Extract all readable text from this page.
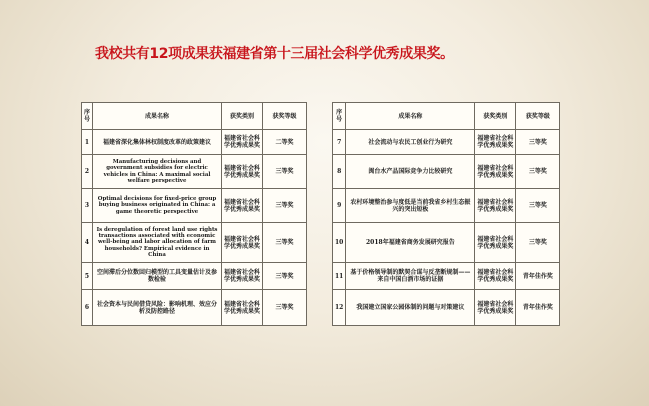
我校共有12项成果获福建省第十三届社会科学优秀成果奖。
序号	成果名称	获奖类别	获奖等级
1	福建省深化集体林权制度改革的政策建议	福建省社会科学优秀成果奖	二等奖
2	Manufacturing decisions and government subsidies for electric vehicles in China: A maximal social welfare perspective	福建省社会科学优秀成果奖	三等奖
3	Optimal decisions for fixed-price group buying business originated in China: a game theoretic perspective	福建省社会科学优秀成果奖	三等奖
4	Is deregulation of forest land use rights transactions associated with economic well-being and labor allocation of farm households? Empirical evidence in China	福建省社会科学优秀成果奖	三等奖
5	空间滞后分位数回归模型的工具变量估计及参数检验	福建省社会科学优秀成果奖	三等奖
6	社会资本与民间借贷风险：影响机理、效应分析及防控路径	福建省社会科学优秀成果奖	三等奖
序号	成果名称	获奖类别	获奖等级
7	社会流动与农民工创业行为研究	福建省社会科学优秀成果奖	三等奖
8	闽台水产品国际竞争力比较研究	福建省社会科学优秀成果奖	三等奖
9	农村环境整治参与度低是当前我省乡村生态振兴的突出短板	福建省社会科学优秀成果奖	三等奖
10	2018年福建省商务发展研究报告	福建省社会科学优秀成果奖	三等奖
11	基于价格领导制的默契合谋与反垄断规制——来自中国白酒市场的证据	福建省社会科学优秀成果奖	青年佳作奖
12	我国建立国家公园体制的问题与对策建议	福建省社会科学优秀成果奖	青年佳作奖
